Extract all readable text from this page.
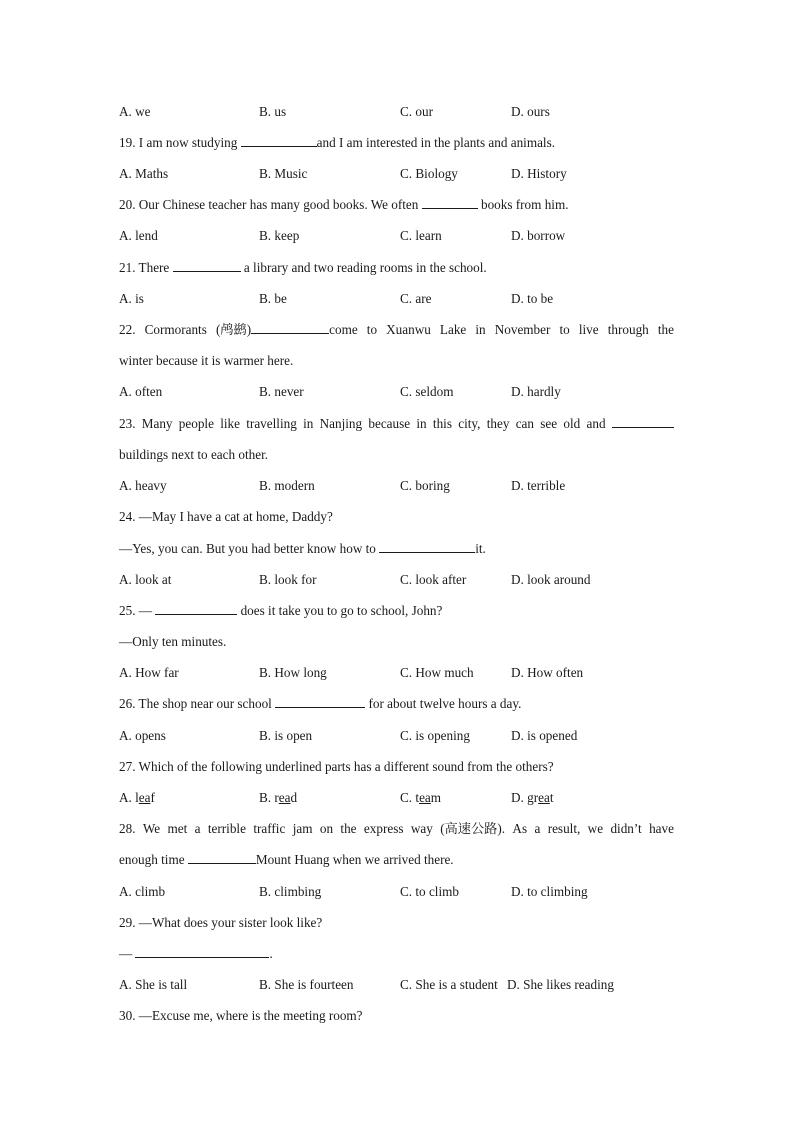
A. we	B. us	C. our	D. ours
19. I am now studying	and I am interested in the plants and animals.
A. Maths	B. Music	C. Biology	D. History
20. Our Chinese teacher has many good books. We often	books from him.
A. lend	B. keep	C. learn	D. borrow
21. There	a library and two reading rooms in the school.
A. is	B. be	C. are	D. to be
22. Cormorants (鸬鹚)	come to Xuanwu Lake in November to live through the
winter because it is warmer here.
A. often	B. never	C. seldom	D. hardly
23. Many people like travelling in Nanjing because in this city, they can see old and
buildings next to each other.
A. heavy	B. modern	C. boring	D. terrible
24. —May I have a cat at home, Daddy?
—Yes, you can. But you had better know how to	it.
A. look at	B. look for	C. look after	D. look around
25. —	does it take you to go to school, John?
—Only ten minutes.
A. How far	B. How long	C. How much	D. How often
26. The shop near our school	for about twelve hours a day.
A. opens	B. is open	C. is opening	D. is opened
27. Which of the following underlined parts has a different sound from the others?
A. leaf	B. read	C. team	D. great
28. We met a terrible traffic jam on the express way (高速公路). As a result, we didn’t have
enough time	Mount Huang when we arrived there.
A. climb	B. climbing	C. to climb	D. to climbing
29. —What does your sister look like?
—	.
A. She is tall	B. She is fourteen	C. She is a student D. She likes reading
30. —Excuse me, where is the meeting room?
